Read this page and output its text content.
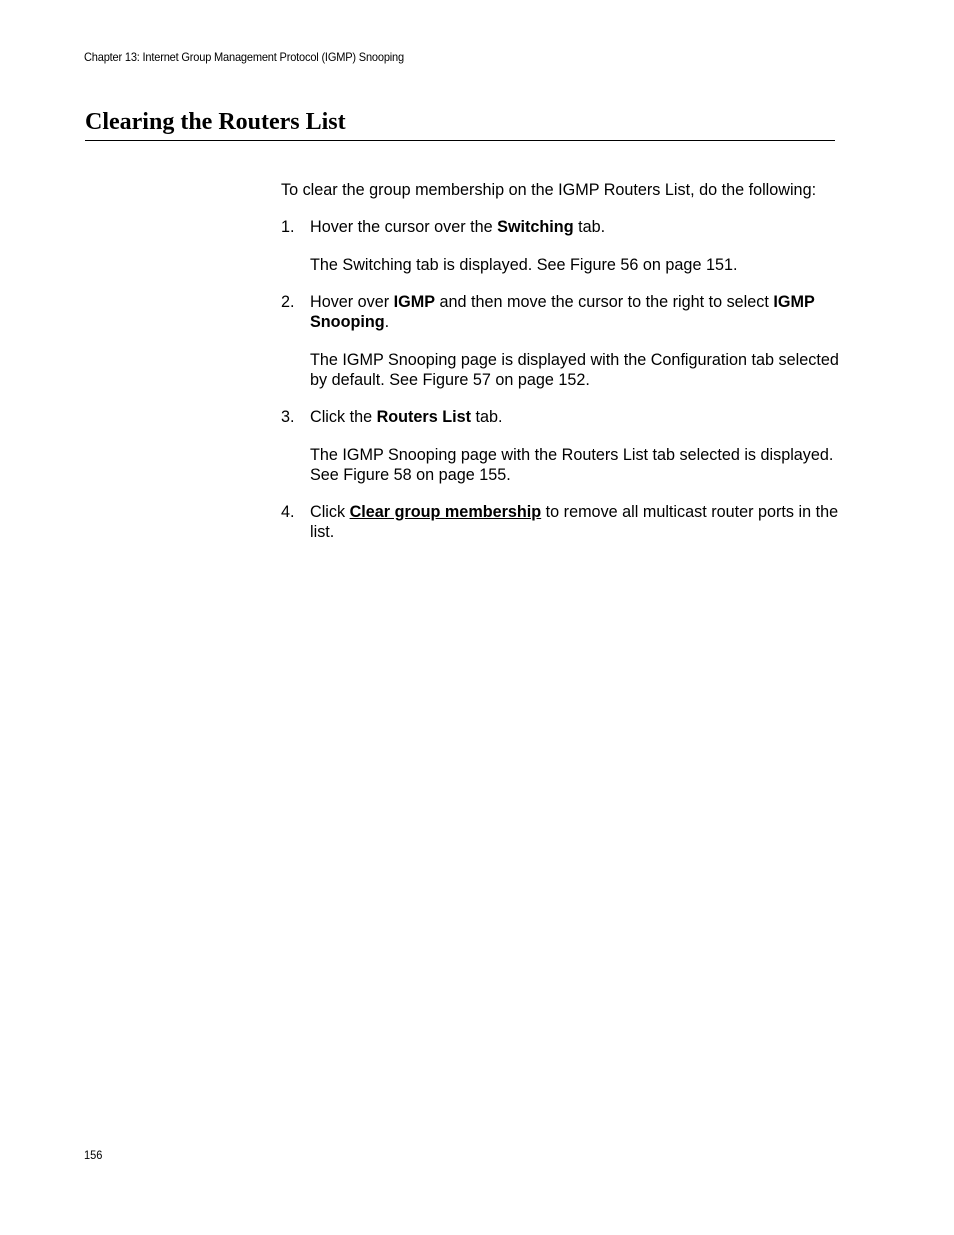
Chapter 13: Internet Group Management Protocol (IGMP) Snooping
Clearing the Routers List

To clear the group membership on the IGMP Routers List, do the following:

1. Hover the cursor over the Switching tab.

The Switching tab is displayed. See Figure 56 on page 151.

2. Hover over IGMP and then move the cursor to the right to select IGMP Snooping.

The IGMP Snooping page is displayed with the Configuration tab selected by default. See Figure 57 on page 152.

3. Click the Routers List tab.

The IGMP Snooping page with the Routers List tab selected is displayed. See Figure 58 on page 155.

4. Click Clear group membership to remove all multicast router ports in the list.

156
